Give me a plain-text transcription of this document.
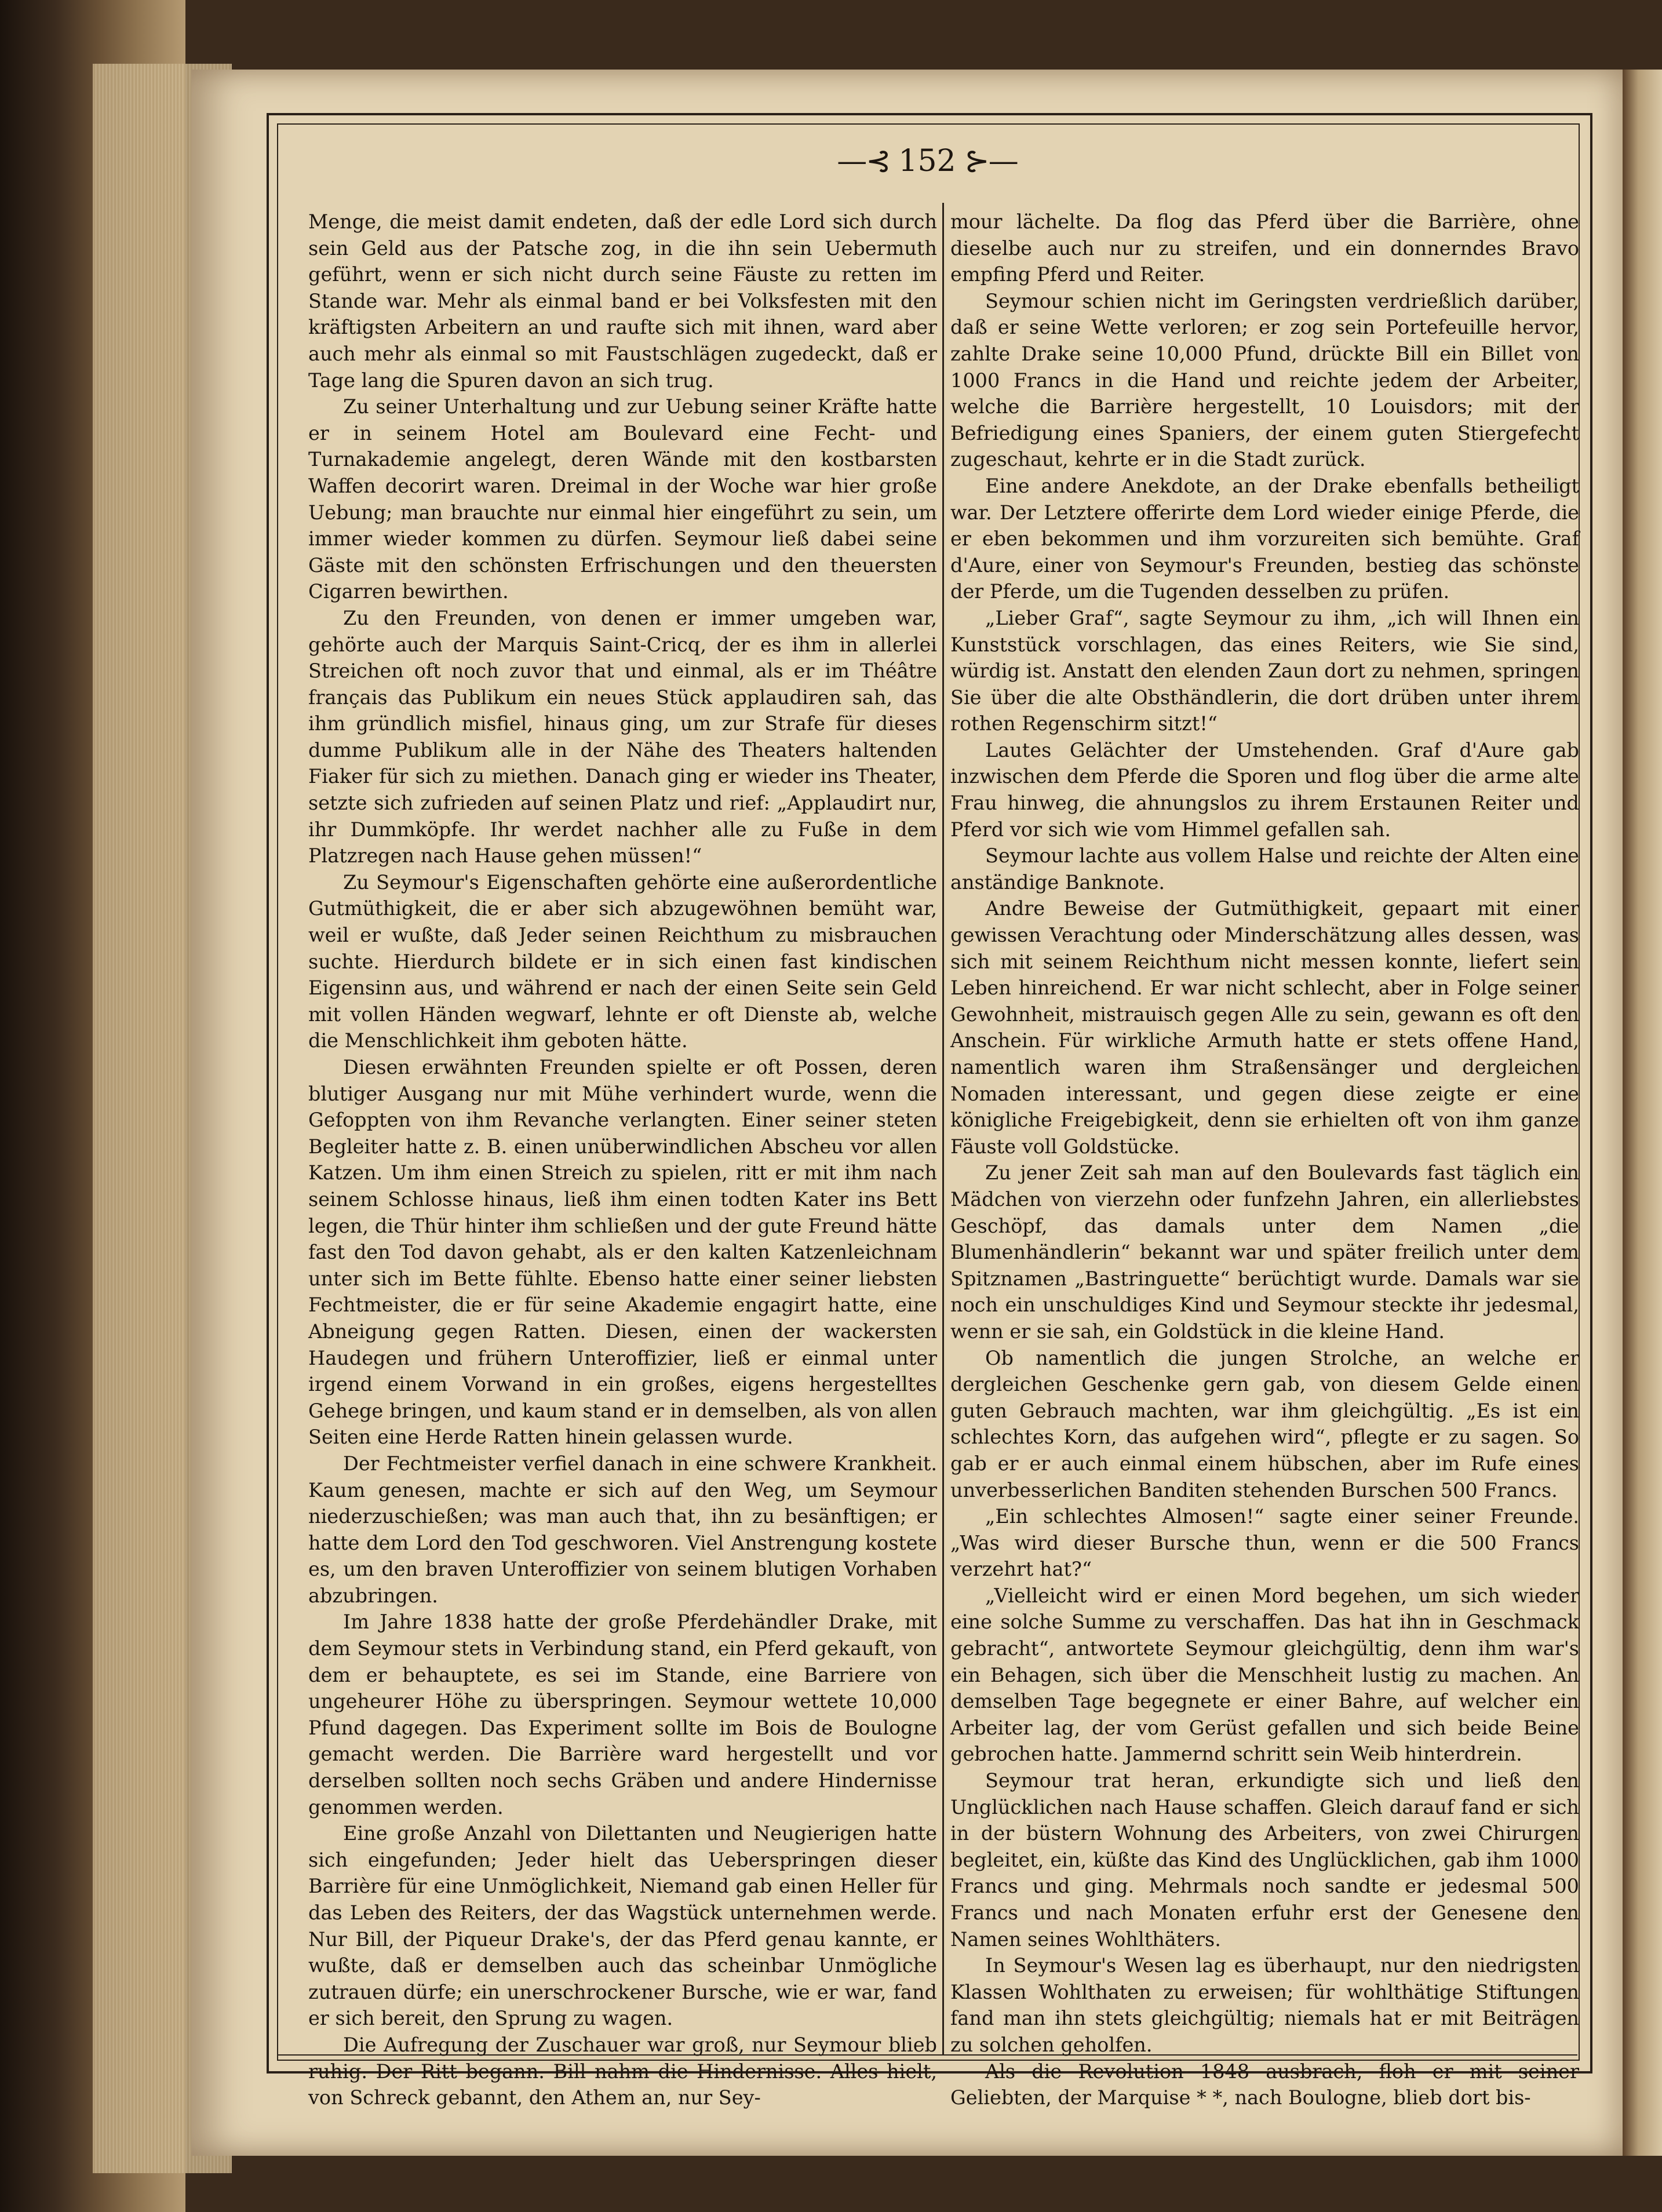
—⊰ 152 ⊱—

Menge, die meist damit endeten, daß der edle Lord sich durch sein Geld aus der Patsche zog, in die ihn sein Uebermuth geführt, wenn er sich nicht durch seine Fäuste zu retten im Stande war. Mehr als einmal band er bei Volksfesten mit den kräftigsten Arbeitern an und raufte sich mit ihnen, ward aber auch mehr als einmal so mit Faustschlägen zugedeckt, daß er Tage lang die Spuren davon an sich trug.

Zu seiner Unterhaltung und zur Uebung seiner Kräfte hatte er in seinem Hotel am Boulevard eine Fecht- und Turnakademie angelegt, deren Wände mit den kostbarsten Waffen decorirt waren. Dreimal in der Woche war hier große Uebung; man brauchte nur einmal hier eingeführt zu sein, um immer wieder kommen zu dürfen. Seymour ließ dabei seine Gäste mit den schönsten Erfrischungen und den theuersten Cigarren bewirthen.

Zu den Freunden, von denen er immer umgeben war, gehörte auch der Marquis Saint-Cricq, der es ihm in allerlei Streichen oft noch zuvor that und einmal, als er im Théâtre français das Publikum ein neues Stück applaudiren sah, das ihm gründlich misfiel, hinaus ging, um zur Strafe für dieses dumme Publikum alle in der Nähe des Theaters haltenden Fiaker für sich zu miethen. Danach ging er wieder ins Theater, setzte sich zufrieden auf seinen Platz und rief: „Applaudirt nur, ihr Dummköpfe. Ihr werdet nachher alle zu Fuße in dem Platzregen nach Hause gehen müssen!“

Zu Seymour's Eigenschaften gehörte eine außerordentliche Gutmüthigkeit, die er aber sich abzugewöhnen bemüht war, weil er wußte, daß Jeder seinen Reichthum zu misbrauchen suchte. Hierdurch bildete er in sich einen fast kindischen Eigensinn aus, und während er nach der einen Seite sein Geld mit vollen Händen wegwarf, lehnte er oft Dienste ab, welche die Menschlichkeit ihm geboten hätte.

Diesen erwähnten Freunden spielte er oft Possen, deren blutiger Ausgang nur mit Mühe verhindert wurde, wenn die Gefoppten von ihm Revanche verlangten. Einer seiner steten Begleiter hatte z. B. einen unüberwindlichen Abscheu vor allen Katzen. Um ihm einen Streich zu spielen, ritt er mit ihm nach seinem Schlosse hinaus, ließ ihm einen todten Kater ins Bett legen, die Thür hinter ihm schließen und der gute Freund hätte fast den Tod davon gehabt, als er den kalten Katzenleichnam unter sich im Bette fühlte. Ebenso hatte einer seiner liebsten Fechtmeister, die er für seine Akademie engagirt hatte, eine Abneigung gegen Ratten. Diesen, einen der wackersten Haudegen und frühern Unteroffizier, ließ er einmal unter irgend einem Vorwand in ein großes, eigens hergestelltes Gehege bringen, und kaum stand er in demselben, als von allen Seiten eine Herde Ratten hinein gelassen wurde.

Der Fechtmeister verfiel danach in eine schwere Krankheit. Kaum genesen, machte er sich auf den Weg, um Seymour niederzuschießen; was man auch that, ihn zu besänftigen; er hatte dem Lord den Tod geschworen. Viel Anstrengung kostete es, um den braven Unteroffizier von seinem blutigen Vorhaben abzubringen.

Im Jahre 1838 hatte der große Pferdehändler Drake, mit dem Seymour stets in Verbindung stand, ein Pferd gekauft, von dem er behauptete, es sei im Stande, eine Barriere von ungeheurer Höhe zu überspringen. Seymour wettete 10,000 Pfund dagegen. Das Experiment sollte im Bois de Boulogne gemacht werden. Die Barrière ward hergestellt und vor derselben sollten noch sechs Gräben und andere Hindernisse genommen werden.

Eine große Anzahl von Dilettanten und Neugierigen hatte sich eingefunden; Jeder hielt das Ueberspringen dieser Barrière für eine Unmöglichkeit, Niemand gab einen Heller für das Leben des Reiters, der das Wagstück unternehmen werde. Nur Bill, der Piqueur Drake's, der das Pferd genau kannte, er wußte, daß er demselben auch das scheinbar Unmögliche zutrauen dürfe; ein unerschrockener Bursche, wie er war, fand er sich bereit, den Sprung zu wagen.

Die Aufregung der Zuschauer war groß, nur Seymour blieb ruhig. Der Ritt begann. Bill nahm die Hindernisse. Alles hielt, von Schreck gebannt, den Athem an, nur Sey-

mour lächelte. Da flog das Pferd über die Barrière, ohne dieselbe auch nur zu streifen, und ein donnerndes Bravo empfing Pferd und Reiter.

Seymour schien nicht im Geringsten verdrießlich darüber, daß er seine Wette verloren; er zog sein Portefeuille hervor, zahlte Drake seine 10,000 Pfund, drückte Bill ein Billet von 1000 Francs in die Hand und reichte jedem der Arbeiter, welche die Barrière hergestellt, 10 Louisdors; mit der Befriedigung eines Spaniers, der einem guten Stiergefecht zugeschaut, kehrte er in die Stadt zurück.

Eine andere Anekdote, an der Drake ebenfalls betheiligt war. Der Letztere offerirte dem Lord wieder einige Pferde, die er eben bekommen und ihm vorzureiten sich bemühte. Graf d'Aure, einer von Seymour's Freunden, bestieg das schönste der Pferde, um die Tugenden desselben zu prüfen.

„Lieber Graf“, sagte Seymour zu ihm, „ich will Ihnen ein Kunststück vorschlagen, das eines Reiters, wie Sie sind, würdig ist. Anstatt den elenden Zaun dort zu nehmen, springen Sie über die alte Obsthändlerin, die dort drüben unter ihrem rothen Regenschirm sitzt!“

Lautes Gelächter der Umstehenden. Graf d'Aure gab inzwischen dem Pferde die Sporen und flog über die arme alte Frau hinweg, die ahnungslos zu ihrem Erstaunen Reiter und Pferd vor sich wie vom Himmel gefallen sah.

Seymour lachte aus vollem Halse und reichte der Alten eine anständige Banknote.

Andre Beweise der Gutmüthigkeit, gepaart mit einer gewissen Verachtung oder Minderschätzung alles dessen, was sich mit seinem Reichthum nicht messen konnte, liefert sein Leben hinreichend. Er war nicht schlecht, aber in Folge seiner Gewohnheit, mistrauisch gegen Alle zu sein, gewann es oft den Anschein. Für wirkliche Armuth hatte er stets offene Hand, namentlich waren ihm Straßensänger und dergleichen Nomaden interessant, und gegen diese zeigte er eine königliche Freigebigkeit, denn sie erhielten oft von ihm ganze Fäuste voll Goldstücke.

Zu jener Zeit sah man auf den Boulevards fast täglich ein Mädchen von vierzehn oder funfzehn Jahren, ein allerliebstes Geschöpf, das damals unter dem Namen „die Blumenhändlerin“ bekannt war und später freilich unter dem Spitznamen „Bastringuette“ berüchtigt wurde. Damals war sie noch ein unschuldiges Kind und Seymour steckte ihr jedesmal, wenn er sie sah, ein Goldstück in die kleine Hand.

Ob namentlich die jungen Strolche, an welche er dergleichen Geschenke gern gab, von diesem Gelde einen guten Gebrauch machten, war ihm gleichgültig. „Es ist ein schlechtes Korn, das aufgehen wird“, pflegte er zu sagen. So gab er er auch einmal einem hübschen, aber im Rufe eines unverbesserlichen Banditen stehenden Burschen 500 Francs.

„Ein schlechtes Almosen!“ sagte einer seiner Freunde. „Was wird dieser Bursche thun, wenn er die 500 Francs verzehrt hat?“

„Vielleicht wird er einen Mord begehen, um sich wieder eine solche Summe zu verschaffen. Das hat ihn in Geschmack gebracht“, antwortete Seymour gleichgültig, denn ihm war's ein Behagen, sich über die Menschheit lustig zu machen. An demselben Tage begegnete er einer Bahre, auf welcher ein Arbeiter lag, der vom Gerüst gefallen und sich beide Beine gebrochen hatte. Jammernd schritt sein Weib hinterdrein.

Seymour trat heran, erkundigte sich und ließ den Unglücklichen nach Hause schaffen. Gleich darauf fand er sich in der büstern Wohnung des Arbeiters, von zwei Chirurgen begleitet, ein, küßte das Kind des Unglücklichen, gab ihm 1000 Francs und ging. Mehrmals noch sandte er jedesmal 500 Francs und nach Monaten erfuhr erst der Genesene den Namen seines Wohlthäters.

In Seymour's Wesen lag es überhaupt, nur den niedrigsten Klassen Wohlthaten zu erweisen; für wohlthätige Stiftungen fand man ihn stets gleichgültig; niemals hat er mit Beiträgen zu solchen geholfen.

Als die Revolution 1848 ausbrach, floh er mit seiner Geliebten, der Marquise * *, nach Boulogne, blieb dort bis-
